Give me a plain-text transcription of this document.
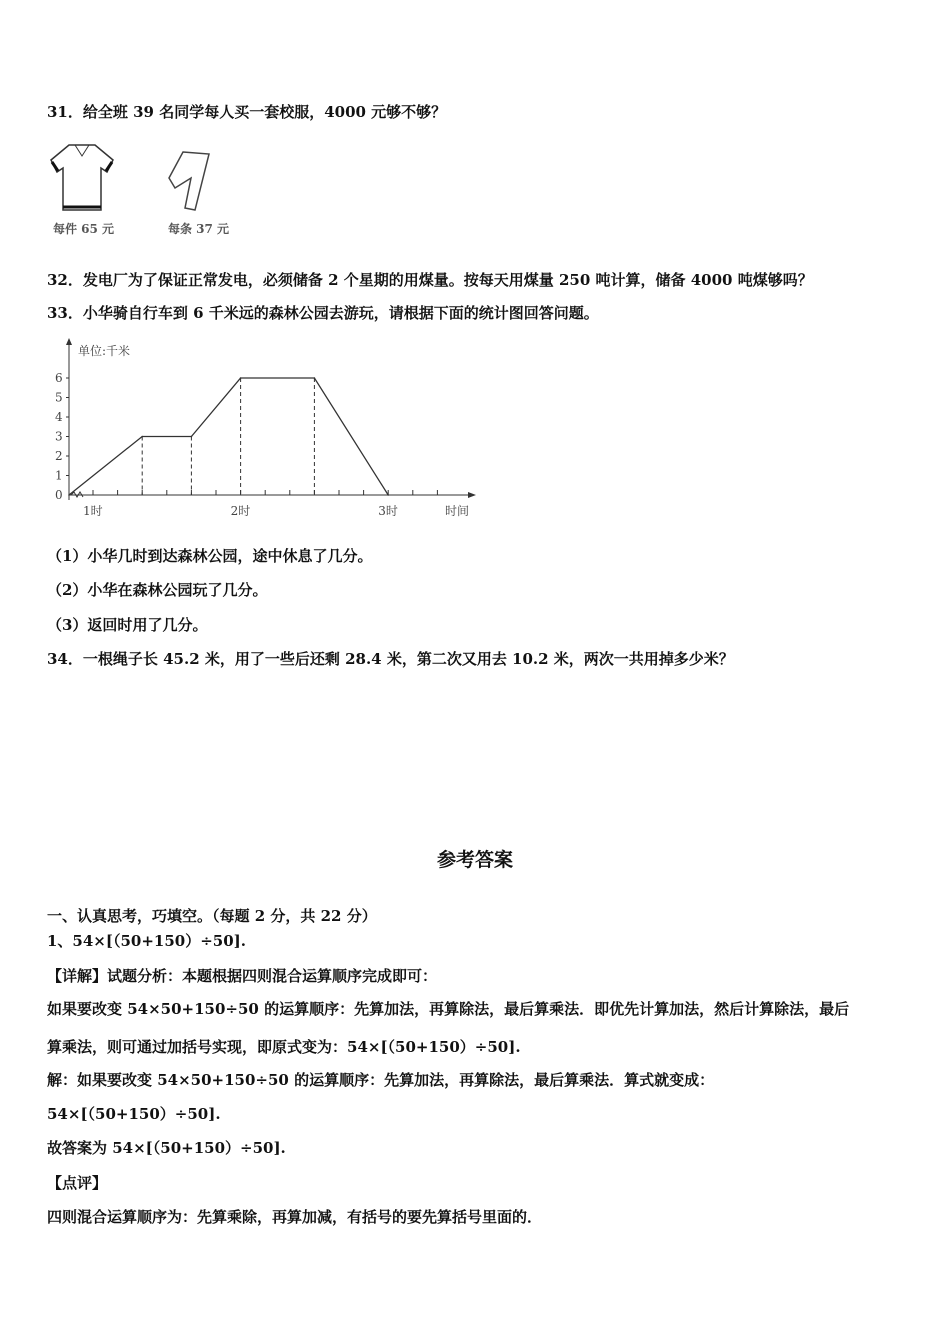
31．给全班 39 名同学每人买一套校服，4000 元够不够？
每件 65 元	每条 37 元
32．发电厂为了保证正常发电，必须储备 2 个星期的用煤量。按每天用煤量 250 吨计算，储备 4000 吨煤够吗？
33．小华骑自行车到 6 千米远的森林公园去游玩，请根据下面的统计图回答问题。
单位:千米
时间
0
1
2
3
4
5
6
1时	2时	3时
（1）小华几时到达森林公园，途中休息了几分。
（2）小华在森林公园玩了几分。
（3）返回时用了几分。
34．一根绳子长 45.2 米，用了一些后还剩 28.4 米，第二次又用去 10.2 米，两次一共用掉多少米？
参考答案
一、认真思考，巧填空。（每题 2 分，共 22 分）
1、54×[（50+150）÷50].
【详解】试题分析：本题根据四则混合运算顺序完成即可：
如果要改变 54×50+150÷50 的运算顺序：先算加法，再算除法，最后算乘法．即优先计算加法，然后计算除法，最后
算乘法，则可通过加括号实现，即原式变为：54×[（50+150）÷50].
解：如果要改变 54×50+150÷50 的运算顺序：先算加法，再算除法，最后算乘法．算式就变成：
54×[（50+150）÷50].
故答案为 54×[（50+150）÷50].
【点评】
四则混合运算顺序为：先算乘除，再算加减，有括号的要先算括号里面的．
